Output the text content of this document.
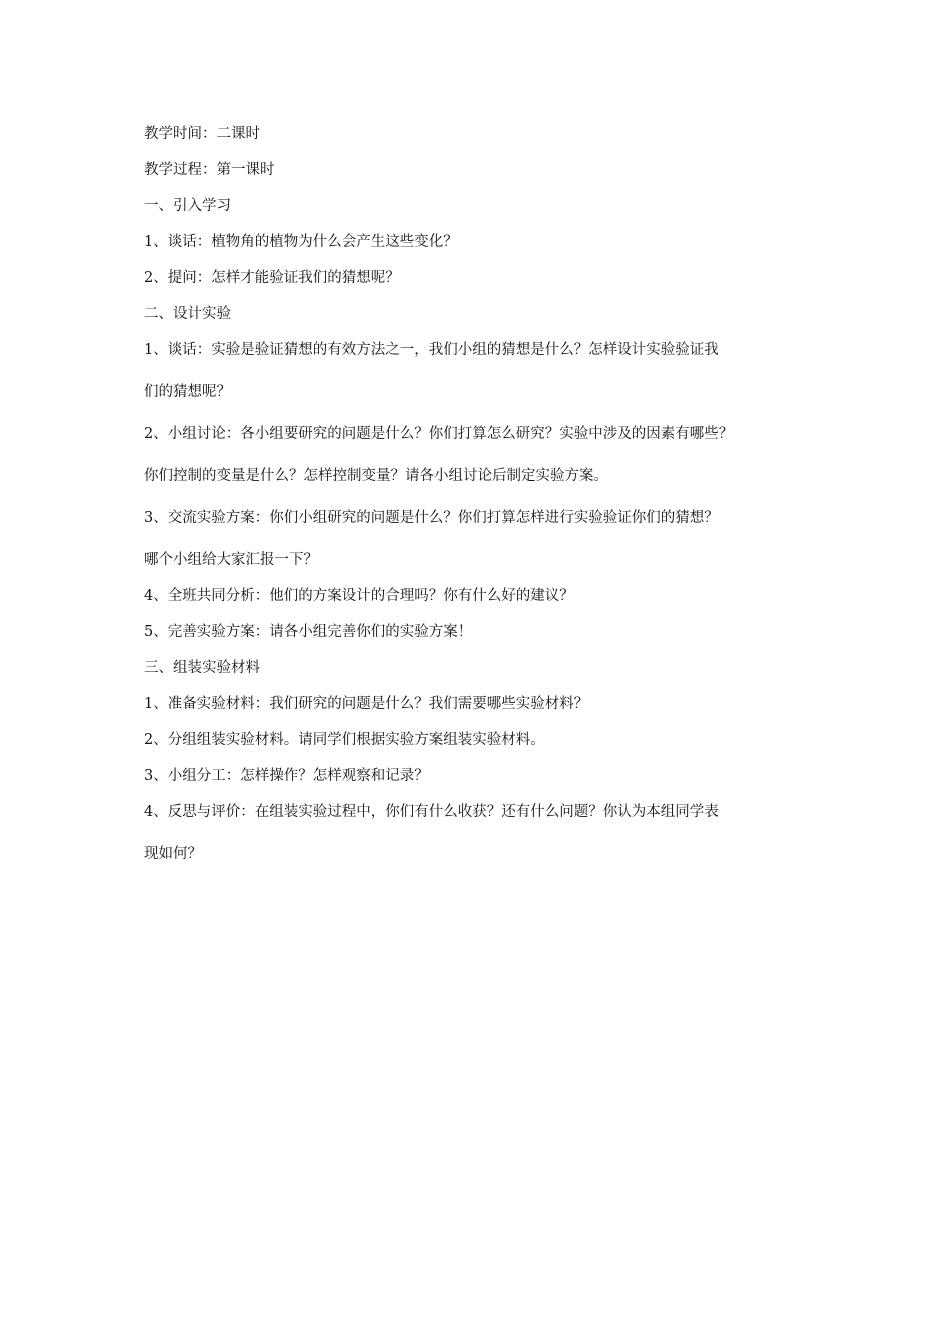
教学时间：二课时

教学过程：第一课时

一、引入学习

1、谈话：植物角的植物为什么会产生这些变化？

2、提问：怎样才能验证我们的猜想呢？

二、设计实验

1、谈话：实验是验证猜想的有效方法之一，我们小组的猜想是什么？怎样设计实验验证我

们的猜想呢？

2、小组讨论：各小组要研究的问题是什么？你们打算怎么研究？实验中涉及的因素有哪些？

你们控制的变量是什么？怎样控制变量？请各小组讨论后制定实验方案。

3、交流实验方案：你们小组研究的问题是什么？你们打算怎样进行实验验证你们的猜想？

哪个小组给大家汇报一下？

4、全班共同分析：他们的方案设计的合理吗？你有什么好的建议？

5、完善实验方案：请各小组完善你们的实验方案！

三、组装实验材料

1、准备实验材料：我们研究的问题是什么？我们需要哪些实验材料？

2、分组组装实验材料。请同学们根据实验方案组装实验材料。

3、小组分工：怎样操作？怎样观察和记录？

4、反思与评价：在组装实验过程中，你们有什么收获？还有什么问题？你认为本组同学表

现如何？
